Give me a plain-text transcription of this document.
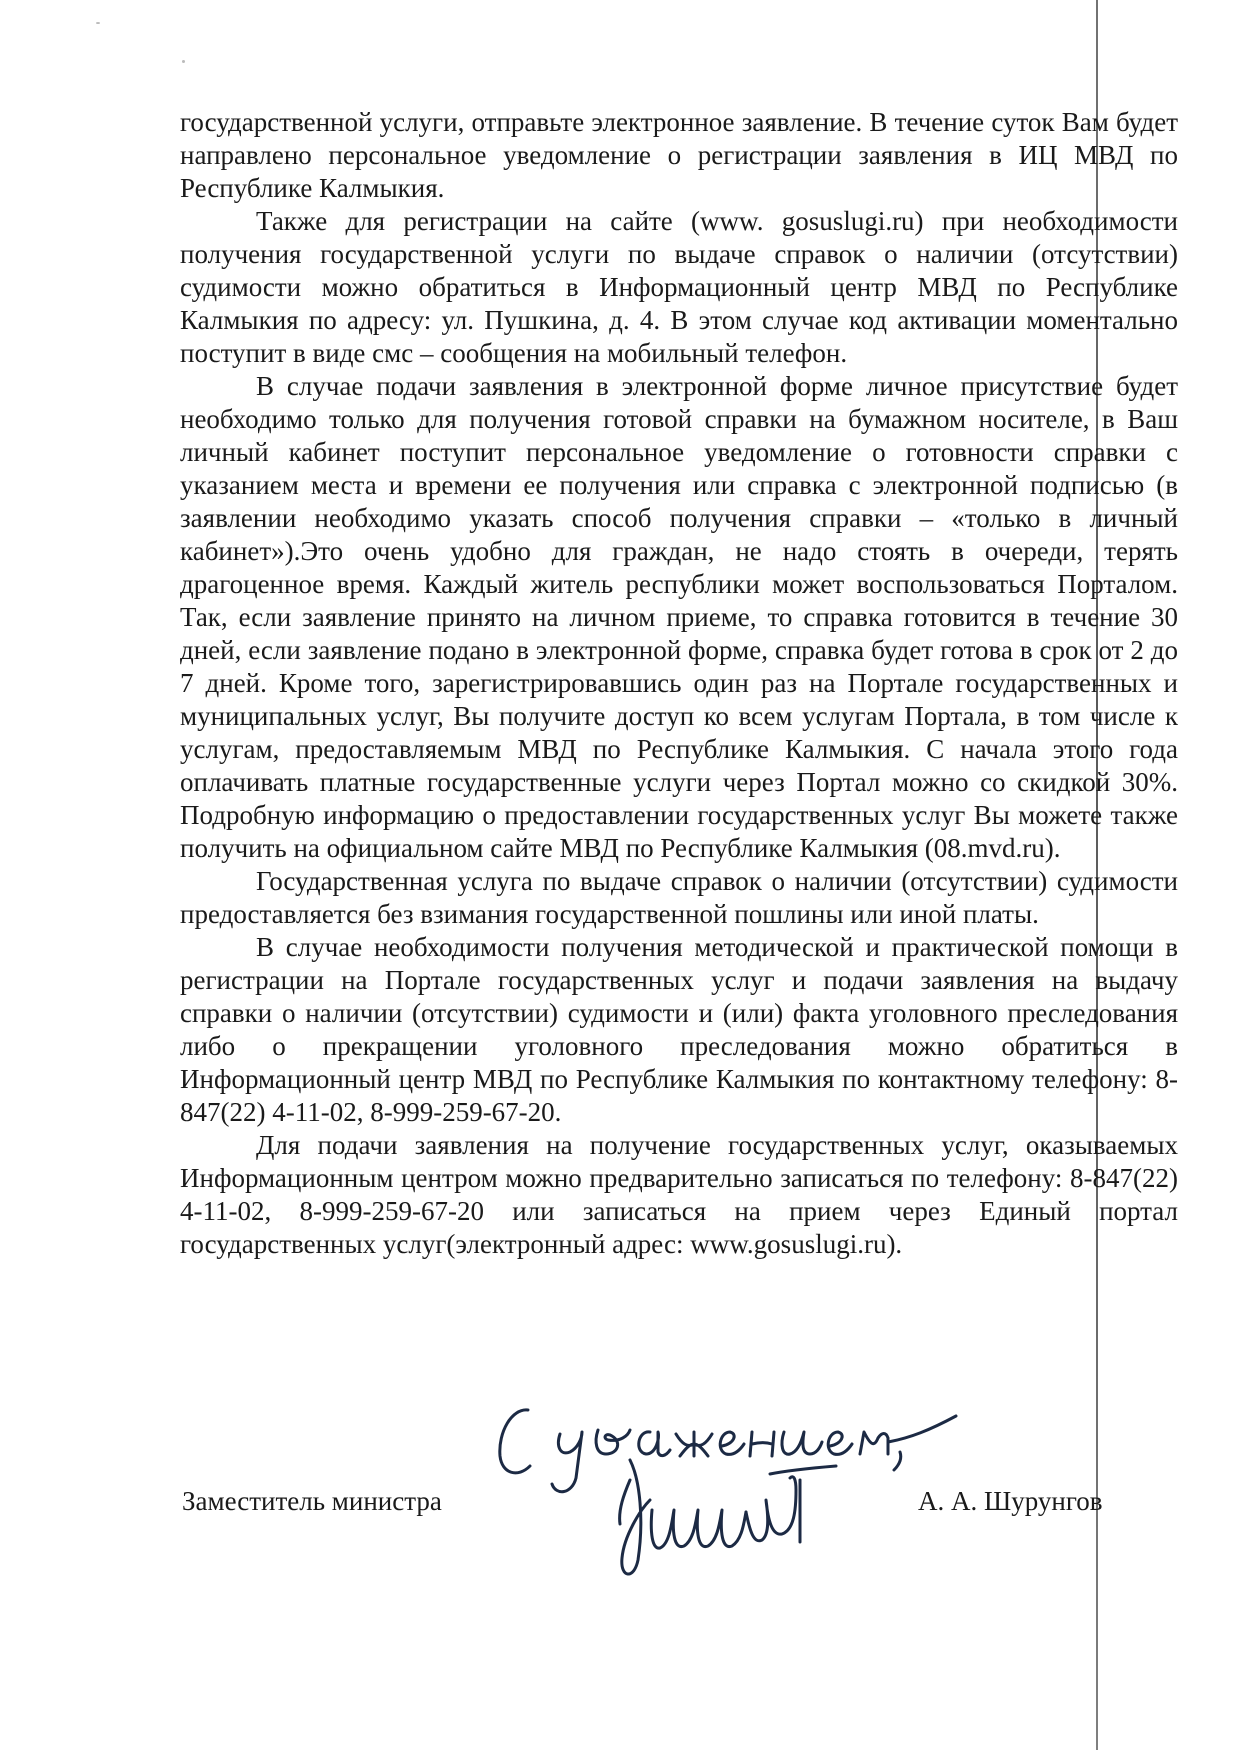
государственной услуги, отправьте электронное заявление. В течение суток Вам будет направлено персональное уведомление о регистрации заявления в ИЦ МВД по Республике Калмыкия.

Также для регистрации на сайте (www. gosuslugi.ru) при необходимости получения государственной услуги по выдаче справок о наличии (отсутствии) судимости можно обратиться в Информационный центр МВД по Республике Калмыкия по адресу: ул. Пушкина, д. 4. В этом случае код активации моментально поступит в виде смс – сообщения на мобильный телефон.

В случае подачи заявления в электронной форме личное присутствие будет необходимо только для получения готовой справки на бумажном носителе, в Ваш личный кабинет поступит персональное уведомление о готовности справки с указанием места и времени ее получения или справка с электронной подписью (в заявлении необходимо указать способ получения справки – «только в личный кабинет»).Это очень удобно для граждан, не надо стоять в очереди, терять драгоценное время. Каждый житель республики может воспользоваться Порталом. Так, если заявление принято на личном приеме, то справка готовится в течение 30 дней, если заявление подано в электронной форме, справка будет готова в срок от 2 до 7 дней. Кроме того, зарегистрировавшись один раз на Портале государственных и муниципальных услуг, Вы получите доступ ко всем услугам Портала, в том числе к услугам, предоставляемым МВД по Республике Калмыкия. С начала этого года оплачивать платные государственные услуги через Портал можно со скидкой 30%. Подробную информацию о предоставлении государственных услуг Вы можете также получить на официальном сайте МВД по Республике Калмыкия (08.mvd.ru).

Государственная услуга по выдаче справок о наличии (отсутствии) судимости предоставляется без взимания государственной пошлины или иной платы.

В случае необходимости получения методической и практической помощи в регистрации на Портале государственных услуг и подачи заявления на выдачу справки о наличии (отсутствии) судимости и (или) факта уголовного преследования либо о прекращении уголовного преследования можно обратиться в Информационный центр МВД по Республике Калмыкия по контактному телефону: 8-847(22) 4-11-02, 8-999-259-67-20.

Для подачи заявления на получение государственных услуг, оказываемых Информационным центром можно предварительно записаться по телефону: 8-847(22) 4-11-02, 8-999-259-67-20 или записаться на прием через Единый портал государственных услуг(электронный адрес: www.gosuslugi.ru).

Заместитель министра	А. А. Шурунгов
